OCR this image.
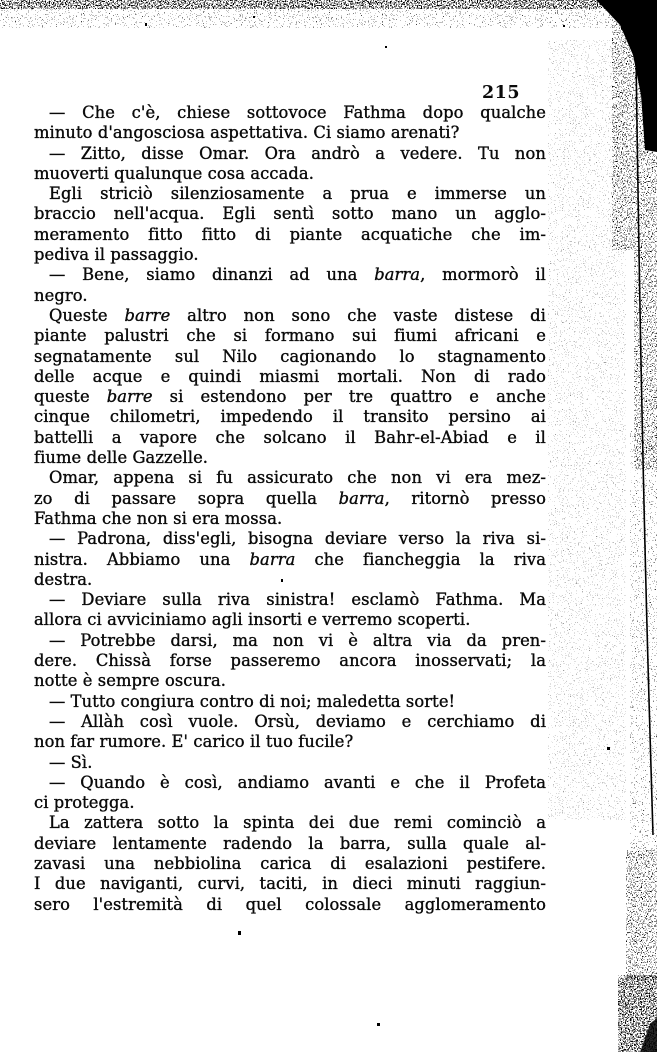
215
— Che c'è, chiese sottovoce Fathma dopo qualche
minuto d'angosciosa aspettativa. Ci siamo arenati?
— Zitto, disse Omar. Ora andrò a vedere. Tu non
muoverti qualunque cosa accada.
Egli striciò silenziosamente a prua e immerse un
braccio nell'acqua. Egli sentì sotto mano un agglo-
meramento fitto fitto di piante acquatiche che im-
pediva il passaggio.
— Bene, siamo dinanzi ad una barra, mormorò il
negro.
Queste barre altro non sono che vaste distese di
piante palustri che si formano sui fiumi africani e
segnatamente sul Nilo cagionando lo stagnamento
delle acque e quindi miasmi mortali. Non di rado
queste barre si estendono per tre quattro e anche
cinque chilometri, impedendo il transito persino ai
battelli a vapore che solcano il Bahr-el-Abiad e il
fiume delle Gazzelle.
Omar, appena si fu assicurato che non vi era mez-
zo di passare sopra quella barra, ritornò presso
Fathma che non si era mossa.
— Padrona, diss'egli, bisogna deviare verso la riva si-
nistra. Abbiamo una barra che fiancheggia la riva
destra.
— Deviare sulla riva sinistra! esclamò Fathma. Ma
allora ci avviciniamo agli insorti e verremo scoperti.
— Potrebbe darsi, ma non vi è altra via da pren-
dere. Chissà forse passeremo ancora inosservati; la
notte è sempre oscura.
— Tutto congiura contro di noi; maledetta sorte!
— Allàh così vuole. Orsù, deviamo e cerchiamo di
non far rumore. E' carico il tuo fucile?
— Sì.
— Quando è così, andiamo avanti e che il Profeta
ci protegga.
La zattera sotto la spinta dei due remi cominciò a
deviare lentamente radendo la barra, sulla quale al-
zavasi una nebbiolina carica di esalazioni pestifere.
I due naviganti, curvi, taciti, in dieci minuti raggiun-
sero l'estremità di quel colossale agglomeramento
